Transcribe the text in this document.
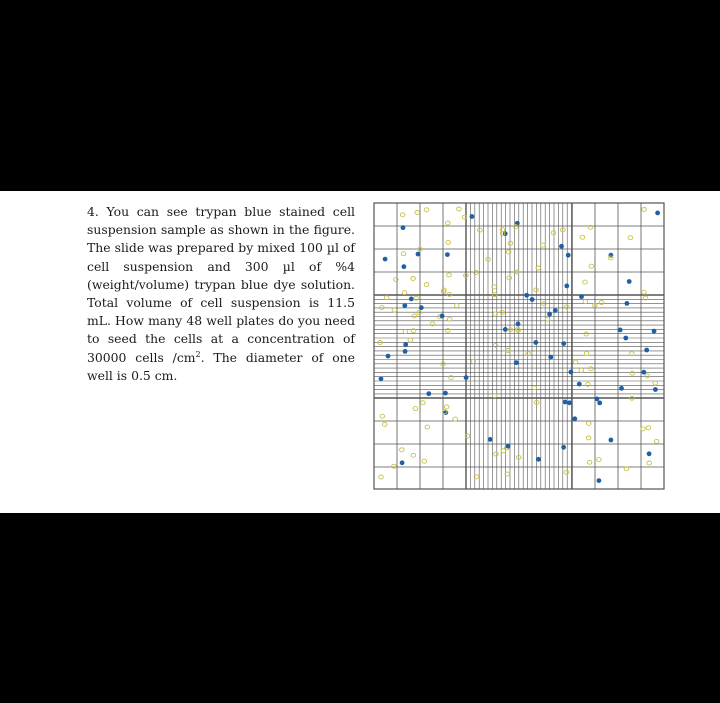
4. You can see trypan blue stained cell suspension sample as shown in the figure. The slide was prepared by mixed 100 µl of cell suspension and 300 µl of %4 (weight/volume) trypan blue dye solution. Total volume of cell suspension is 11.5 mL. How many 48 well plates do you need to seed the cells at a concentration of 30000 cells $/cm^2$. The diameter of one well is 0.5 cm.
